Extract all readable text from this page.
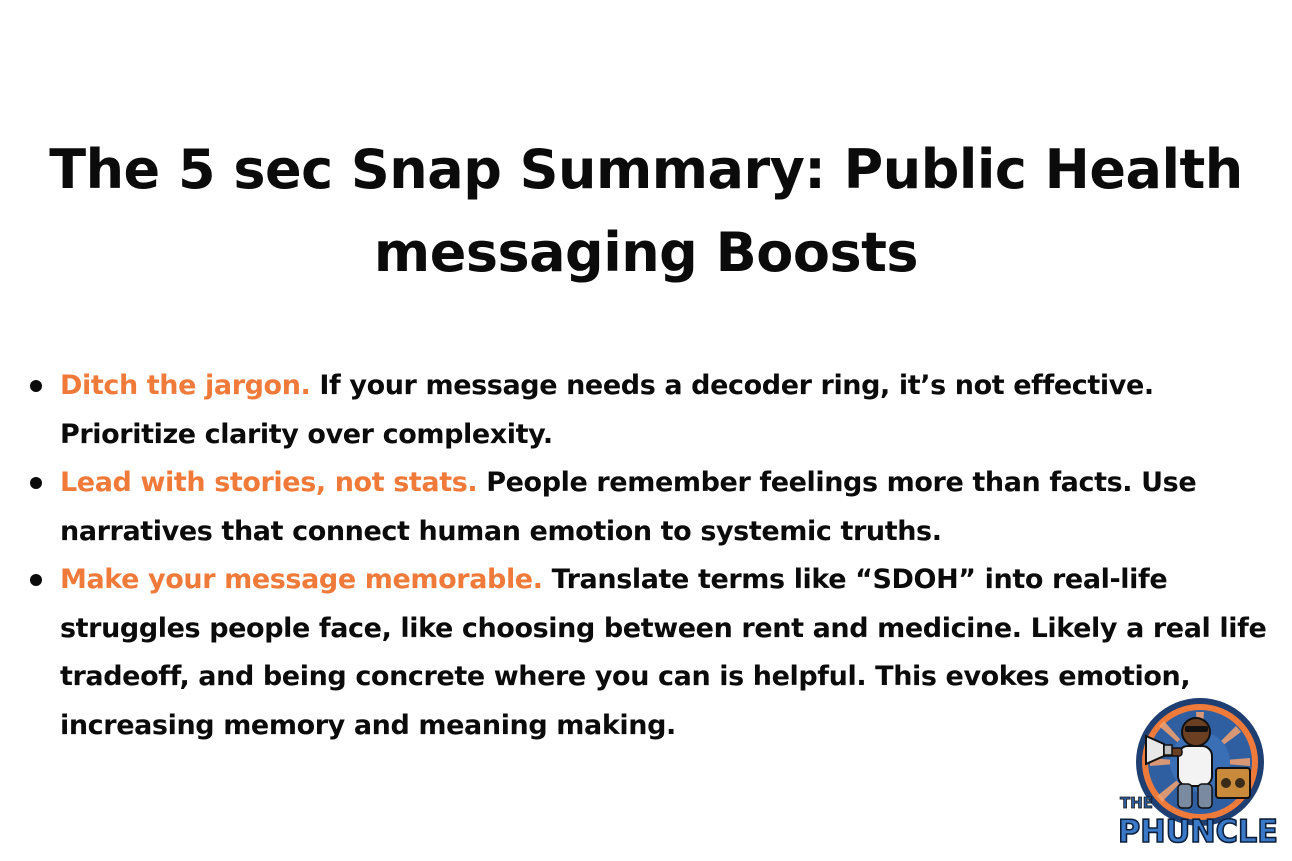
The 5 sec Snap Summary: Public Health
messaging Boosts
Ditch the jargon. If your message needs a decoder ring, it’s not effective. Prioritize clarity over complexity.
Lead with stories, not stats. People remember feelings more than facts. Use narratives that connect human emotion to systemic truths.
Make your message memorable. Translate terms like “SDOH” into real-life struggles people face, like choosing between rent and medicine. Likely a real life tradeoff, and being concrete where you can is helpful. This evokes emotion, increasing memory and meaning making.
THE
PHUNCLE
